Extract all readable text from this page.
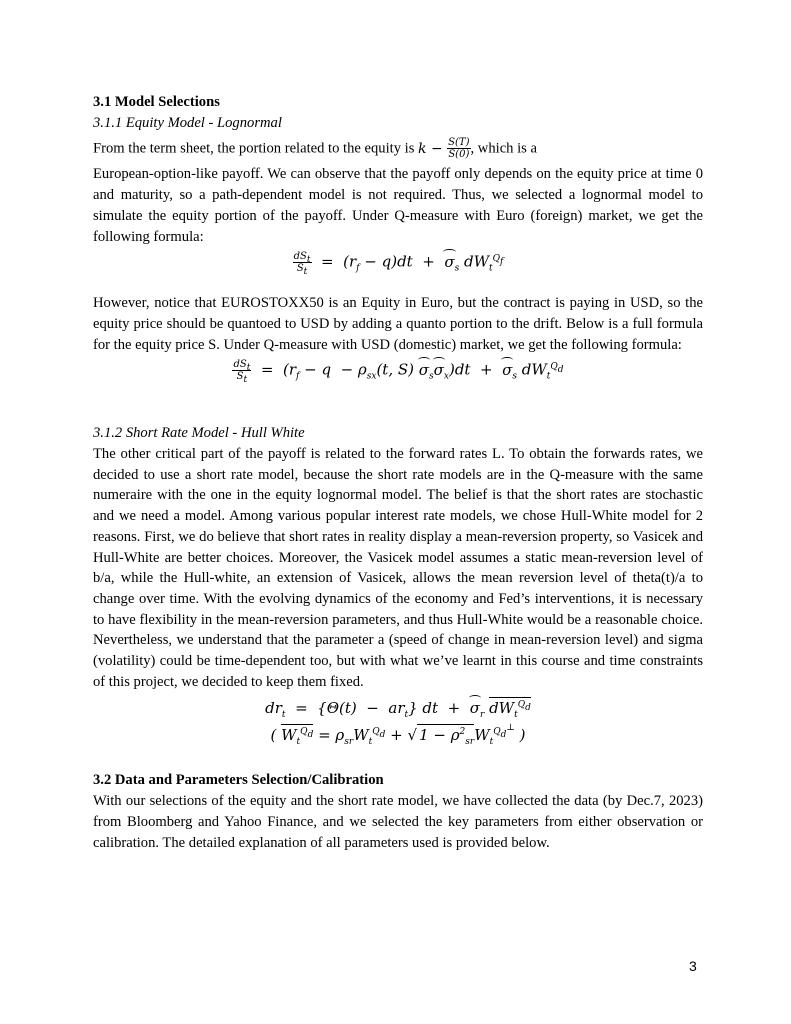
3.1 Model Selections

3.1.1 Equity Model - Lognormal

From the term sheet, the portion related to the equity is $k - \frac{S(T)}{S(0)}$ , which is a

European-option-like payoff. We can observe that the payoff only depends on the equity price at time 0 and maturity, so a path-dependent model is not required. Thus, we selected a lognormal model to simulate the equity portion of the payoff. Under Q-measure with Euro (foreign) market, we get the following formula:

$\frac{dS_t}{S_t} = (r_f - q)dt + \sigma_s$ $dW_t^{Q_f}$

However, notice that EUROSTOXX50 is an Equity in Euro, but the contract is paying in USD, so the equity price should be quantoed to USD by adding a quanto portion to the drift. Below is a full formula for the equity price S. Under Q-measure with USD (domestic) market, we get the following formula:

$\frac{dS_t}{S_t} = (r_f - q - \rho_{sx}(t$, S) $\sigma_s\sigma_x)dt + \sigma_s$ $dW_t^{Q_d}$

3.1.2 Short Rate Model - Hull White

The other critical part of the payoff is related to the forward rates L. To obtain the forwards rates, we decided to use a short rate model, because the short rate models are in the Q-measure with the same numeraire with the one in the equity lognormal model. The belief is that the short rates are stochastic and we need a model. Among various popular interest rate models, we chose Hull-White model for 2 reasons. First, we do believe that short rates in reality display a mean-reversion property, so Vasicek and Hull-White are better choices. Moreover, the Vasicek model assumes a static mean-reversion level of b/a, while the Hull-white, an extension of Vasicek, allows the mean reversion level of theta(t)/a to change over time. With the evolving dynamics of the economy and Fed’s interventions, it is necessary to have flexibility in the mean-reversion parameters, and thus Hull-White would be a reasonable choice. Nevertheless, we understand that the parameter a (speed of change in mean-reversion level) and sigma (volatility) could be time-dependent too, but with what we’ve learnt in this course and time constraints of this project, we decided to keep them fixed.

$dr_t = \{\Theta(t) - ar_t\}$ dt  +  $\sigma_r$ $dW_t^{Q_d}$
( $W_t^{Q_d} = \rho_{sr}W_t^{Q_d}$ + √ $1 - \rho^2_{sr}W_t^{Q_d^\perp}$ )

3.2 Data and Parameters Selection/Calibration

With our selections of the equity and the short rate model, we have collected the data (by Dec.7, 2023) from Bloomberg and Yahoo Finance, and we selected the key parameters from either observation or calibration. The detailed explanation of all parameters used is provided below.

3
